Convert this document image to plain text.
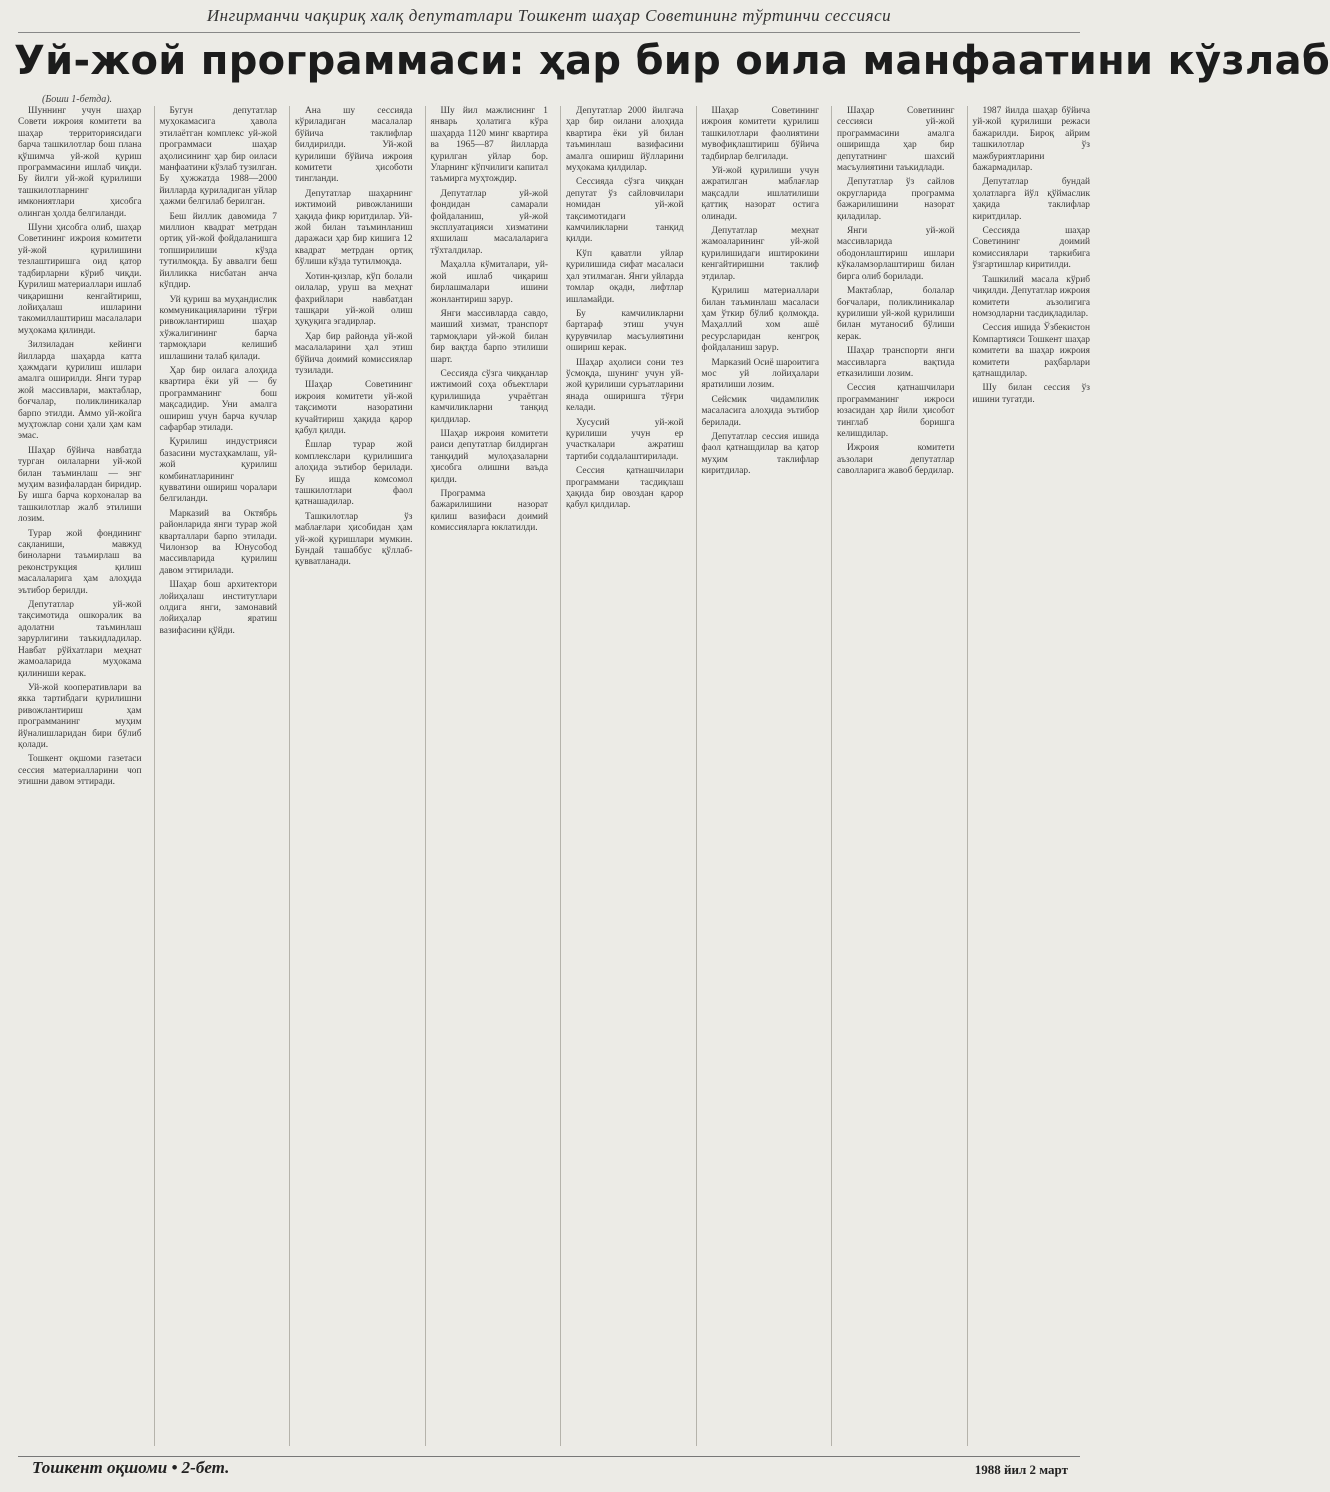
Ингирманчи чақириқ халқ депутатлари Тошкент шаҳар Советининг тўртинчи сессияси
Уй-жой программаси: ҳар бир оила манфаатини кўзлаб
(Боши 1-бетда).

Шуннинг учун шаҳар Совети ижроия комитети ва шаҳар территориясидаги барча ташкилотлар бош плана қўшимча уй-жой қуриш программасини ишлаб чиқди. Бу йилги уй-жой қурилиши ташкилотларнинг имкониятлари ҳисобга олинган ҳолда белгиланди.

Шуни ҳисобга олиб, шаҳар Советининг ижроия комитети уй-жой қурилишини тезлаштиришга оид қатор тадбирларни кўриб чиқди. Қурилиш материаллари ишлаб чиқаришни кенгайтириш, лойиҳалаш ишларини такомиллаштириш масалалари муҳокама қилинди.

Зилзиладан кейинги йилларда шаҳарда катта ҳажмдаги қурилиш ишлари амалга оширилди. Янги турар жой массивлари, мактаблар, боғчалар, поликлиникалар барпо этилди. Аммо уй-жойга муҳтожлар сони ҳали ҳам кам эмас.

Шаҳар бўйича навбатда турган оилаларни уй-жой билан таъминлаш — энг муҳим вазифалардан биридир. Бу ишга барча корхоналар ва ташкилотлар жалб этилиши лозим.

Турар жой фондининг сақланиши, мавжуд биноларни таъмирлаш ва реконструкция қилиш масалаларига ҳам алоҳида эътибор берилди.

Депутатлар уй-жой тақсимотида ошкоралик ва адолатни таъминлаш зарурлигини таъкидладилар. Навбат рўйхатлари меҳнат жамоаларида муҳокама қилиниши керак.

Уй-жой кооперативлари ва якка тартибдаги қурилишни ривожлантириш ҳам программанинг муҳим йўналишларидан бири бўлиб қолади.

Тошкент оқшоми газетаси сессия материалларини чоп этишни давом эттиради.

Бугун депутатлар муҳокамасига ҳавола этилаётган комплекс уй-жой программаси шаҳар аҳолисининг ҳар бир оиласи манфаатини кўзлаб тузилган. Бу ҳужжатда 1988—2000 йилларда қуриладиган уйлар ҳажми белгилаб берилган.

Беш йиллик давомида 7 миллион квадрат метрдан ортиқ уй-жой фойдаланишга топширилиши кўзда тутилмоқда. Бу аввалги беш йилликка нисбатан анча кўпдир.

Уй қуриш ва муҳандислик коммуникацияларини тўғри ривожлантириш шаҳар хўжалигининг барча тармоқлари келишиб ишлашини талаб қилади.

Ҳар бир оилага алоҳида квартира ёки уй — бу программанинг бош мақсадидир. Уни амалга ошириш учун барча кучлар сафарбар этилади.

Қурилиш индустрияси базасини мустаҳкамлаш, уй-жой қурилиш комбинатларининг қувватини ошириш чоралари белгиланди.

Марказий ва Октябрь районларида янги турар жой кварталлари барпо этилади. Чилонзор ва Юнусобод массивларида қурилиш давом эттирилади.

Шаҳар бош архитектори лойиҳалаш институтлари олдига янги, замонавий лойиҳалар яратиш вазифасини қўйди.

Ана шу сессияда кўриладиган масалалар бўйича таклифлар билдирилди. Уй-жой қурилиши бўйича ижроия комитети ҳисоботи тингланди.

Депутатлар шаҳарнинг ижтимоий ривожланиши ҳақида фикр юритдилар. Уй-жой билан таъминланиш даражаси ҳар бир кишига 12 квадрат метрдан ортиқ бўлиши кўзда тутилмоқда.

Хотин-қизлар, кўп болали оилалар, уруш ва меҳнат фахрийлари навбатдан ташқари уй-жой олиш ҳуқуқига эгадирлар.

Ҳар бир районда уй-жой масалаларини ҳал этиш бўйича доимий комиссиялар тузилади.

Шаҳар Советининг ижроия комитети уй-жой тақсимоти назоратини кучайтириш ҳақида қарор қабул қилди.

Ёшлар турар жой комплекслари қурилишига алоҳида эътибор берилади. Бу ишда комсомол ташкилотлари фаол қатнашадилар.

Ташкилотлар ўз маблағлари ҳисобидан ҳам уй-жой қуришлари мумкин. Бундай ташаббус қўллаб-қувватланади.

Шу йил мажлиснинг 1 январь ҳолатига кўра шаҳарда 1120 минг квартира ва 1965—87 йилларда қурилган уйлар бор. Уларнинг кўпчилиги капитал таъмирга муҳтождир.

Депутатлар уй-жой фондидан самарали фойдаланиш, уй-жой эксплуатацияси хизматини яхшилаш масалаларига тўхталдилар.

Маҳалла кўмиталари, уй-жой ишлаб чиқариш бирлашмалари ишини жонлантириш зарур.

Янги массивларда савдо, маиший хизмат, транспорт тармоқлари уй-жой билан бир вақтда барпо этилиши шарт.

Сессияда сўзга чиққанлар ижтимоий соҳа объектлари қурилишида учраётган камчиликларни танқид қилдилар.

Шаҳар ижроия комитети раиси депутатлар билдирган танқидий мулоҳазаларни ҳисобга олишни ваъда қилди.

Программа бажарилишини назорат қилиш вазифаси доимий комиссияларга юклатилди.

Депутатлар 2000 йилгача ҳар бир оилани алоҳида квартира ёки уй билан таъминлаш вазифасини амалга ошириш йўлларини муҳокама қилдилар.

Сессияда сўзга чиққан депутат ўз сайловчилари номидан уй-жой тақсимотидаги камчиликларни танқид қилди.

Кўп қаватли уйлар қурилишида сифат масаласи ҳал этилмаган. Янги уйларда томлар оқади, лифтлар ишламайди.

Бу камчиликларни бартараф этиш учун қурувчилар масъулиятини ошириш керак.

Шаҳар аҳолиси сони тез ўсмоқда, шунинг учун уй-жой қурилиши суръатларини янада оширишга тўғри келади.

Хусусий уй-жой қурилиши учун ер участкалари ажратиш тартиби соддалаштирилади.

Сессия қатнашчилари программани тасдиқлаш ҳақида бир овоздан қарор қабул қилдилар.

Шаҳар Советининг ижроия комитети қурилиш ташкилотлари фаолиятини мувофиқлаштириш бўйича тадбирлар белгилади.

Уй-жой қурилиши учун ажратилган маблағлар мақсадли ишлатилиши қаттиқ назорат остига олинади.

Депутатлар меҳнат жамоаларининг уй-жой қурилишидаги иштирокини кенгайтиришни таклиф этдилар.

Қурилиш материаллари билан таъминлаш масаласи ҳам ўткир бўлиб қолмоқда. Маҳаллий хом ашё ресурсларидан кенгроқ фойдаланиш зарур.

Марказий Осиё шароитига мос уй лойиҳалари яратилиши лозим.

Сейсмик чидамлилик масаласига алоҳида эътибор берилади.

Депутатлар сессия ишида фаол қатнашдилар ва қатор муҳим таклифлар киритдилар.

Шаҳар Советининг сессияси уй-жой программасини амалга оширишда ҳар бир депутатнинг шахсий масъулиятини таъкидлади.

Депутатлар ўз сайлов округларида программа бажарилишини назорат қиладилар.

Янги уй-жой массивларида ободонлаштириш ишлари кўкаламзорлаштириш билан бирга олиб борилади.

Мактаблар, болалар боғчалари, поликлиникалар қурилиши уй-жой қурилиши билан мутаносиб бўлиши керак.

Шаҳар транспорти янги массивларга вақтида етказилиши лозим.

Сессия қатнашчилари программанинг ижроси юзасидан ҳар йили ҳисобот тинглаб боришга келишдилар.

Ижроия комитети аъзолари депутатлар саволларига жавоб бердилар.

1987 йилда шаҳар бўйича уй-жой қурилиши режаси бажарилди. Бироқ айрим ташкилотлар ўз мажбуриятларини бажармадилар.

Депутатлар бундай ҳолатларга йўл қўймаслик ҳақида таклифлар киритдилар.

Сессияда шаҳар Советининг доимий комиссиялари таркибига ўзгартишлар киритилди.

Ташкилий масала кўриб чиқилди. Депутатлар ижроия комитети аъзолигига номзодларни тасдиқладилар.

Сессия ишида Ўзбекистон Компартияси Тошкент шаҳар комитети ва шаҳар ижроия комитети раҳбарлари қатнашдилар.

Шу билан сессия ўз ишини тугатди.

Тошкент оқшоми • 2-бет.	1988 йил 2 март
